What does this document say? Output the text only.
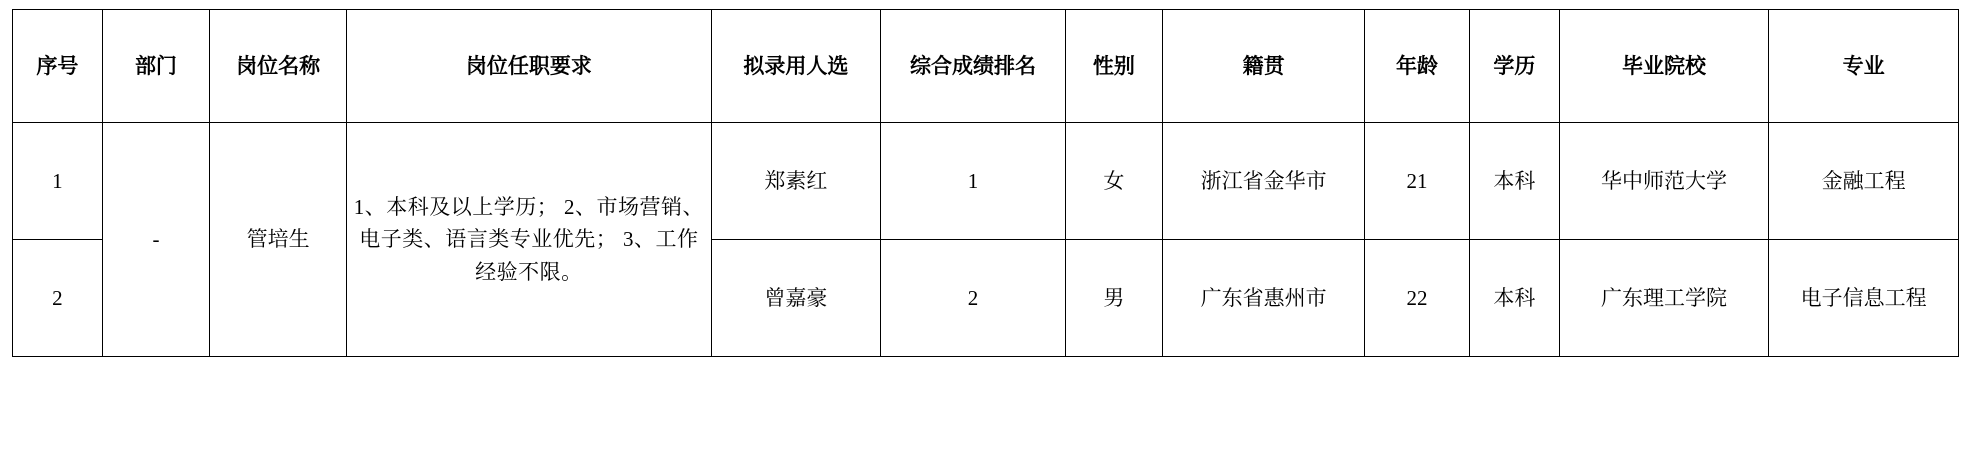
序号	部门	岗位名称	岗位任职要求	拟录用人选	综合成绩排名	性别	籍贯	年龄	学历	毕业院校	专业
1	-	管培生	1、本科及以上学历； 2、市场营销、电子类、语言类专业优先； 3、工作经验不限。	郑素红	1	女	浙江省金华市	21	本科	华中师范大学	金融工程
2				曾嘉豪	2	男	广东省惠州市	22	本科	广东理工学院	电子信息工程
